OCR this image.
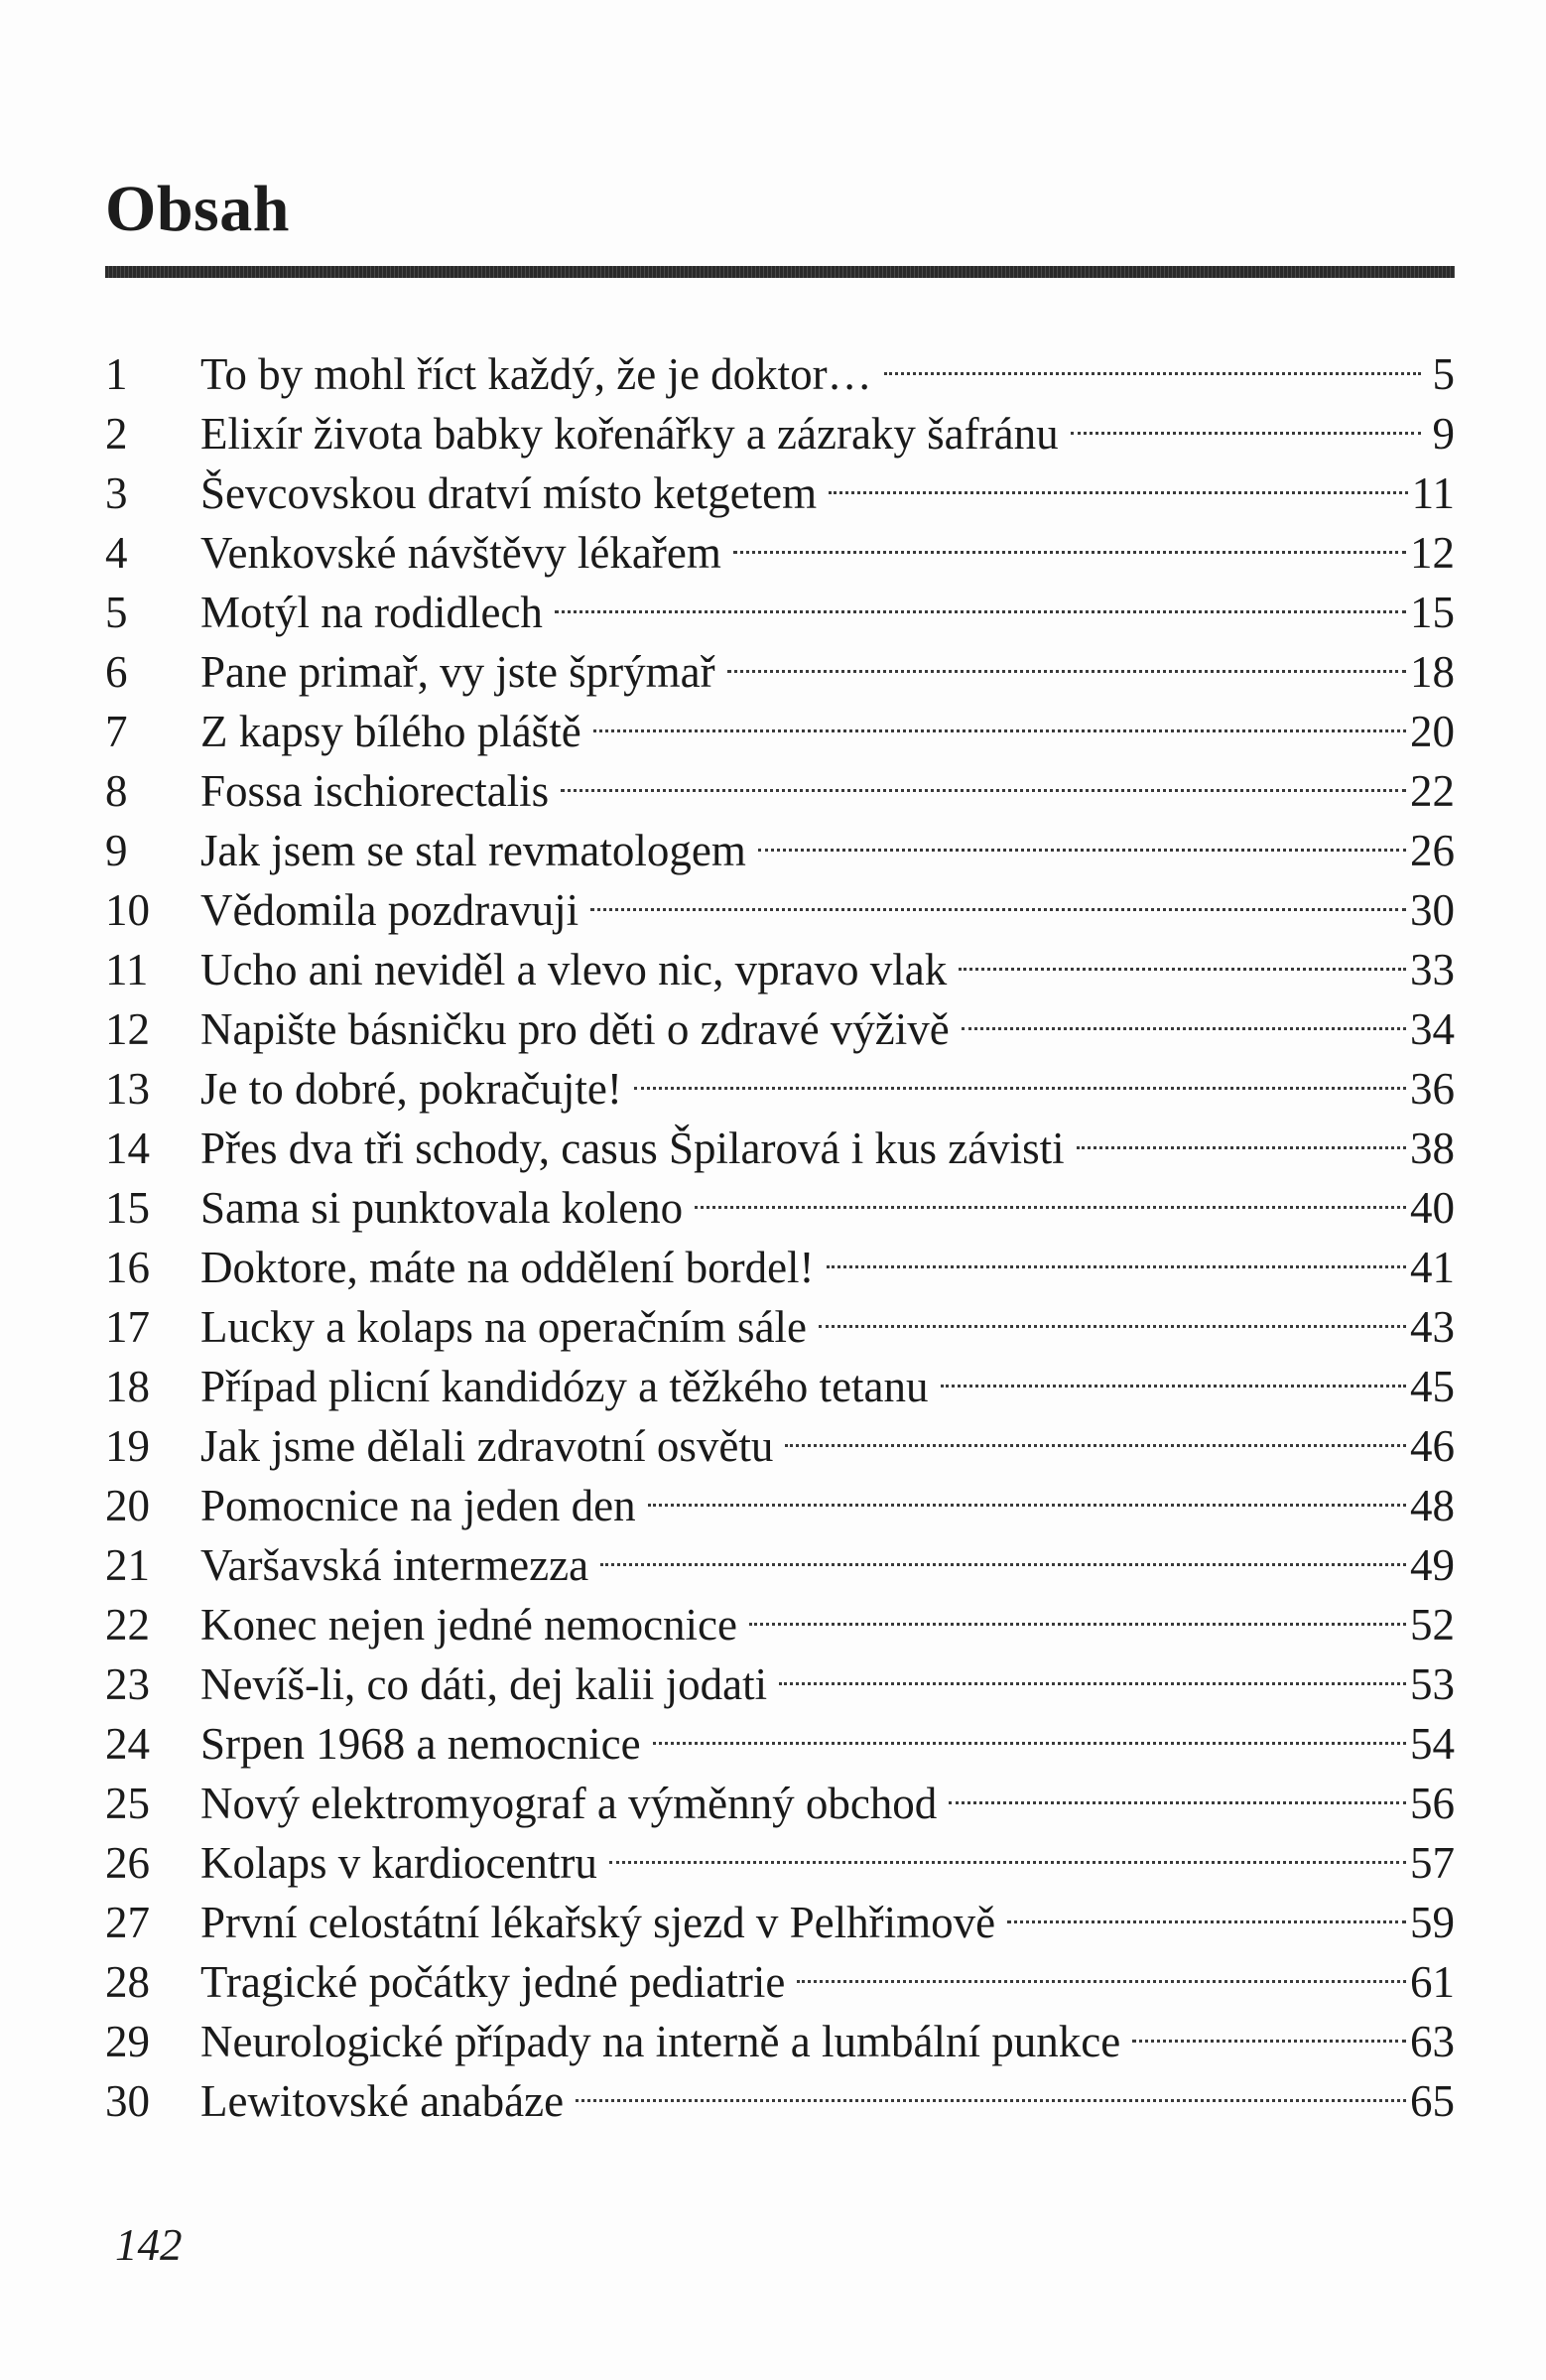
Obsah
1	To by mohl říct každý, že je doktor…	5
2	Elixír života babky kořenářky a zázraky šafránu	9
3	Ševcovskou dratví místo ketgetem	11
4	Venkovské návštěvy lékařem	12
5	Motýl na rodidlech	15
6	Pane primař, vy jste šprýmař	18
7	Z kapsy bílého pláště	20
8	Fossa ischiorectalis	22
9	Jak jsem se stal revmatologem	26
10	Vědomila pozdravuji	30
11	Ucho ani neviděl a vlevo nic, vpravo vlak	33
12	Napište básničku pro děti o zdravé výživě	34
13	Je to dobré, pokračujte!	36
14	Přes dva tři schody, casus Špilarová i kus závisti	38
15	Sama si punktovala koleno	40
16	Doktore, máte na oddělení bordel!	41
17	Lucky a kolaps na operačním sále	43
18	Případ plicní kandidózy a těžkého tetanu	45
19	Jak jsme dělali zdravotní osvětu	46
20	Pomocnice na jeden den	48
21	Varšavská intermezza	49
22	Konec nejen jedné nemocnice	52
23	Nevíš-li, co dáti, dej kalii jodati	53
24	Srpen 1968 a nemocnice	54
25	Nový elektromyograf a výměnný obchod	56
26	Kolaps v kardiocentru	57
27	První celostátní lékařský sjezd v Pelhřimově	59
28	Tragické počátky jedné pediatrie	61
29	Neurologické případy na interně a lumbální punkce	63
30	Lewitovské anabáze	65
142
